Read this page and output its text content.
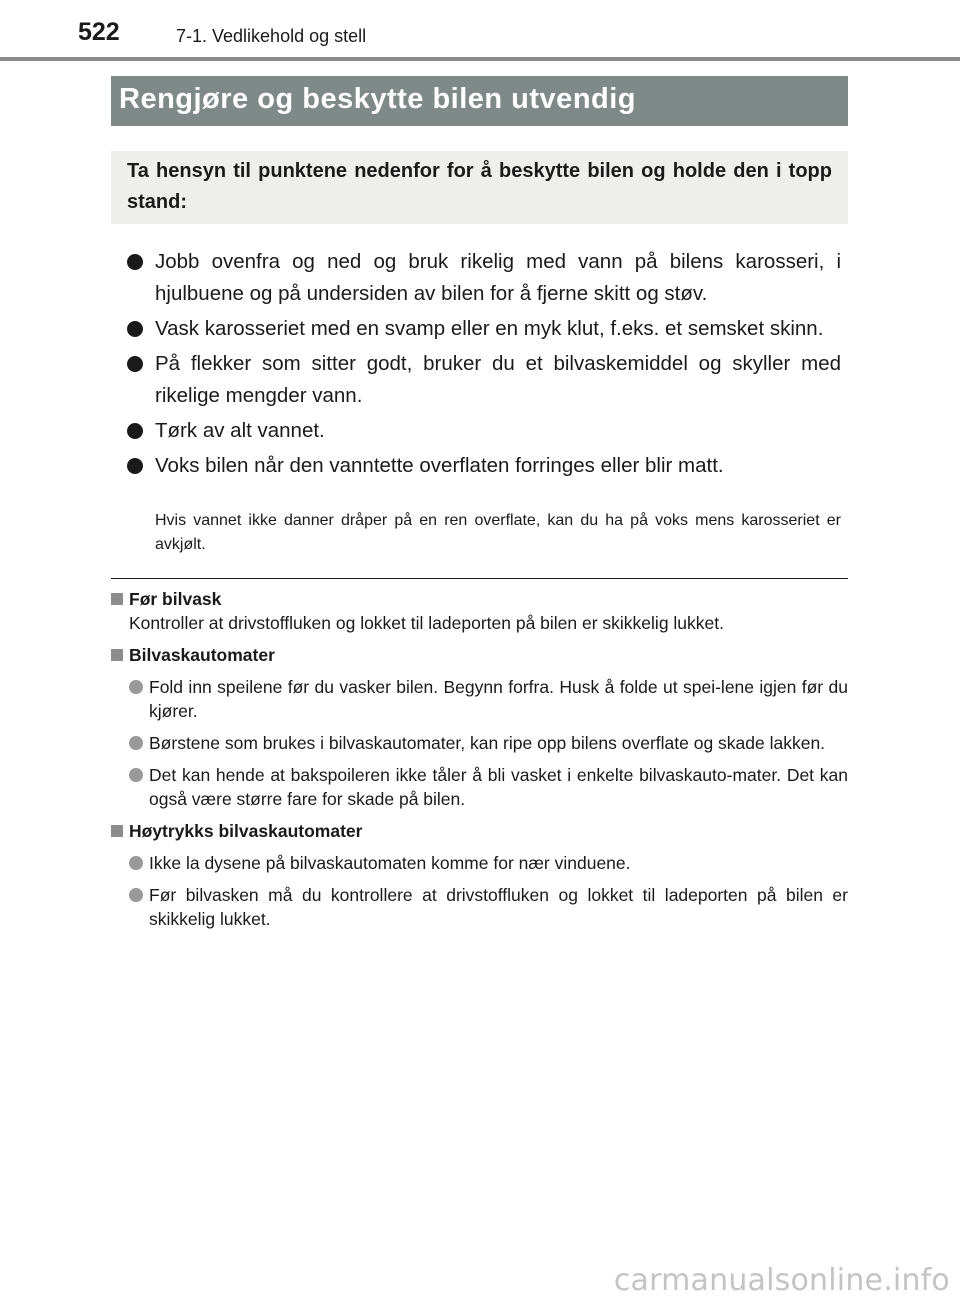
522	7-1. Vedlikehold og stell
Rengjøre og beskytte bilen utvendig
Ta hensyn til punktene nedenfor for å beskytte bilen og holde den i topp stand:
Jobb ovenfra og ned og bruk rikelig med vann på bilens karosseri, i hjulbuene og på undersiden av bilen for å fjerne skitt og støv.
Vask karosseriet med en svamp eller en myk klut, f.eks. et semsket skinn.
På flekker som sitter godt, bruker du et bilvaskemiddel og skyller med rikelige mengder vann.
Tørk av alt vannet.
Voks bilen når den vanntette overflaten forringes eller blir matt.
Hvis vannet ikke danner dråper på en ren overflate, kan du ha på voks mens karosseriet er avkjølt.
Før bilvask
Kontroller at drivstoffluken og lokket til ladeporten på bilen er skikkelig lukket.
Bilvaskautomater
Fold inn speilene før du vasker bilen. Begynn forfra. Husk å folde ut spei-lene igjen før du kjører.
Børstene som brukes i bilvaskautomater, kan ripe opp bilens overflate og skade lakken.
Det kan hende at bakspoileren ikke tåler å bli vasket i enkelte bilvaskauto-mater. Det kan også være større fare for skade på bilen.
Høytrykks bilvaskautomater
Ikke la dysene på bilvaskautomaten komme for nær vinduene.
Før bilvasken må du kontrollere at drivstoffluken og lokket til ladeporten på bilen er skikkelig lukket.
carmanualsonline.info
